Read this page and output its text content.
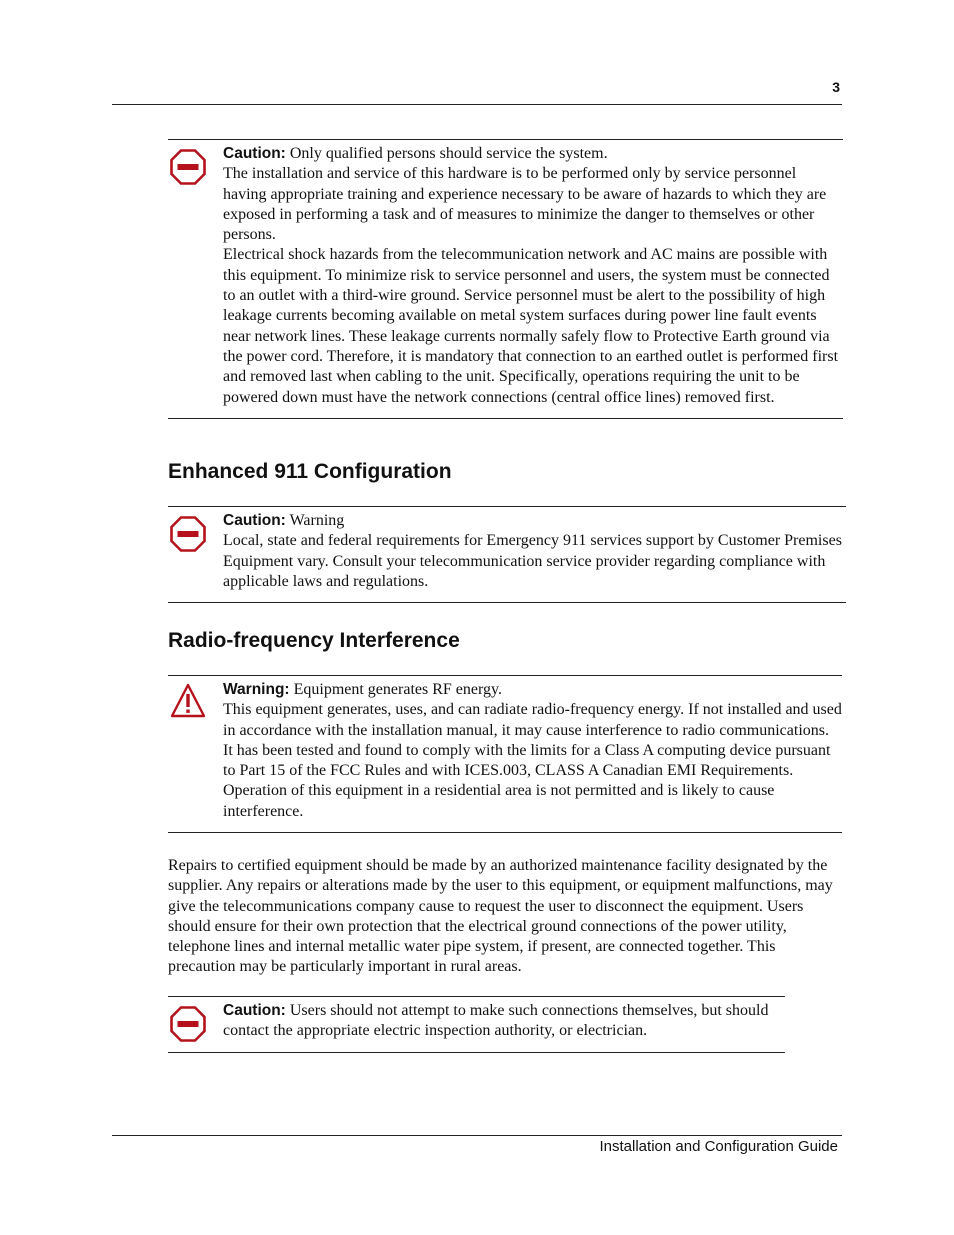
3
Caution: Only qualified persons should service the system.
The installation and service of this hardware is to be performed only by service personnel having appropriate training and experience necessary to be aware of hazards to which they are exposed in performing a task and of measures to minimize the danger to themselves or other persons.
Electrical shock hazards from the telecommunication network and AC mains are possible with this equipment. To minimize risk to service personnel and users, the system must be connected to an outlet with a third-wire ground. Service personnel must be alert to the possibility of high leakage currents becoming available on metal system surfaces during power line fault events near network lines. These leakage currents normally safely flow to Protective Earth ground via the power cord. Therefore, it is mandatory that connection to an earthed outlet is performed first and removed last when cabling to the unit. Specifically, operations requiring the unit to be powered down must have the network connections (central office lines) removed first.
Enhanced 911 Configuration
Caution: Warning
Local, state and federal requirements for Emergency 911 services support by Customer Premises Equipment vary. Consult your telecommunication service provider regarding compliance with applicable laws and regulations.
Radio-frequency Interference
Warning: Equipment generates RF energy.
This equipment generates, uses, and can radiate radio-frequency energy. If not installed and used in accordance with the installation manual, it may cause interference to radio communications. It has been tested and found to comply with the limits for a Class A computing device pursuant to Part 15 of the FCC Rules and with ICES.003, CLASS A Canadian EMI Requirements. Operation of this equipment in a residential area is not permitted and is likely to cause interference.

Repairs to certified equipment should be made by an authorized maintenance facility designated by the supplier. Any repairs or alterations made by the user to this equipment, or equipment malfunctions, may give the telecommunications company cause to request the user to disconnect the equipment. Users should ensure for their own protection that the electrical ground connections of the power utility, telephone lines and internal metallic water pipe system, if present, are connected together. This precaution may be particularly important in rural areas.

Caution: Users should not attempt to make such connections themselves, but should contact the appropriate electric inspection authority, or electrician.
Installation and Configuration Guide
